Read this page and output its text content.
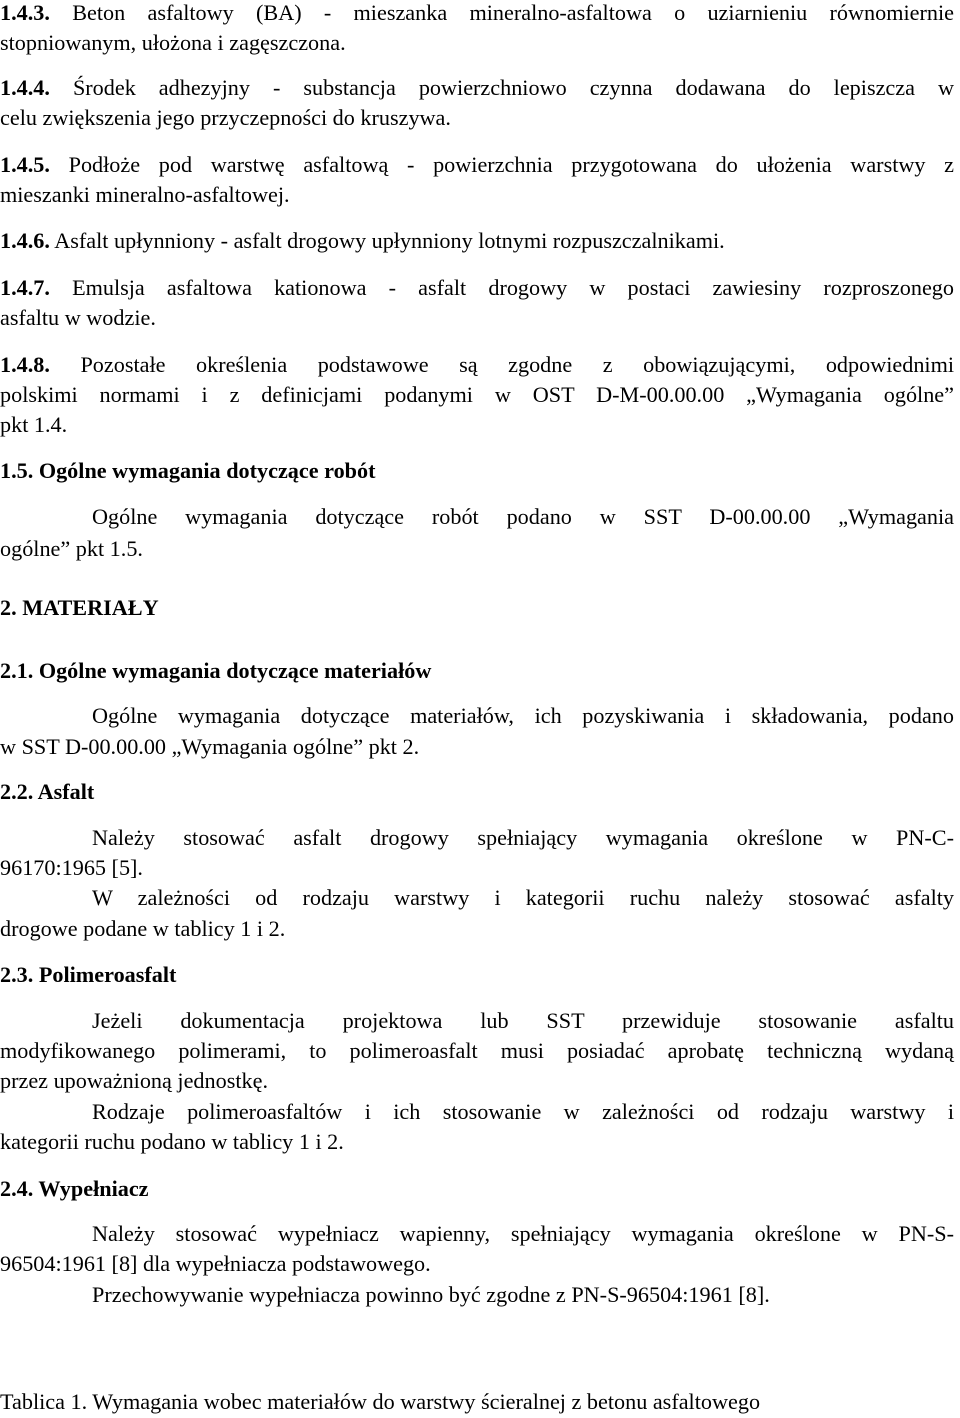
1.4.3. Beton asfaltowy (BA) - mieszanka mineralno-asfaltowa o uziarnieniu równomiernie
stopniowanym, ułożona i zagęszczona.
1.4.4. Środek adhezyjny - substancja powierzchniowo czynna dodawana do lepiszcza w
celu zwiększenia jego przyczepności do kruszywa.
1.4.5. Podłoże pod warstwę asfaltową - powierzchnia przygotowana do ułożenia warstwy z
mieszanki mineralno-asfaltowej.
1.4.6. Asfalt upłynniony - asfalt drogowy upłynniony lotnymi rozpuszczalnikami.
1.4.7. Emulsja asfaltowa kationowa - asfalt drogowy w postaci zawiesiny rozproszonego
asfaltu w wodzie.
1.4.8. Pozostałe określenia podstawowe są zgodne z obowiązującymi, odpowiednimi
polskimi normami i z definicjami podanymi w OST D-M-00.00.00 „Wymagania ogólne”
pkt 1.4.
1.5. Ogólne wymagania dotyczące robót
Ogólne wymagania dotyczące robót podano w SST D-00.00.00 „Wymagania
ogólne” pkt 1.5.
2. MATERIAŁY
2.1. Ogólne wymagania dotyczące materiałów
Ogólne wymagania dotyczące materiałów, ich pozyskiwania i składowania, podano
w SST D-00.00.00 „Wymagania ogólne” pkt 2.
2.2. Asfalt
Należy stosować asfalt drogowy spełniający wymagania określone w PN-C-
96170:1965 [5].
W zależności od rodzaju warstwy i kategorii ruchu należy stosować asfalty
drogowe podane w tablicy 1 i 2.
2.3. Polimeroasfalt
Jeżeli dokumentacja projektowa lub SST przewiduje stosowanie asfaltu
modyfikowanego polimerami, to polimeroasfalt musi posiadać aprobatę techniczną wydaną
przez upoważnioną jednostkę.
Rodzaje polimeroasfaltów i ich stosowanie w zależności od rodzaju warstwy i
kategorii ruchu podano w tablicy 1 i 2.
2.4. Wypełniacz
Należy stosować wypełniacz wapienny, spełniający wymagania określone w PN-S-
96504:1961 [8] dla wypełniacza podstawowego.
Przechowywanie wypełniacza powinno być zgodne z PN-S-96504:1961 [8].
Tablica 1. Wymagania wobec materiałów do warstwy ścieralnej z betonu asfaltowego
